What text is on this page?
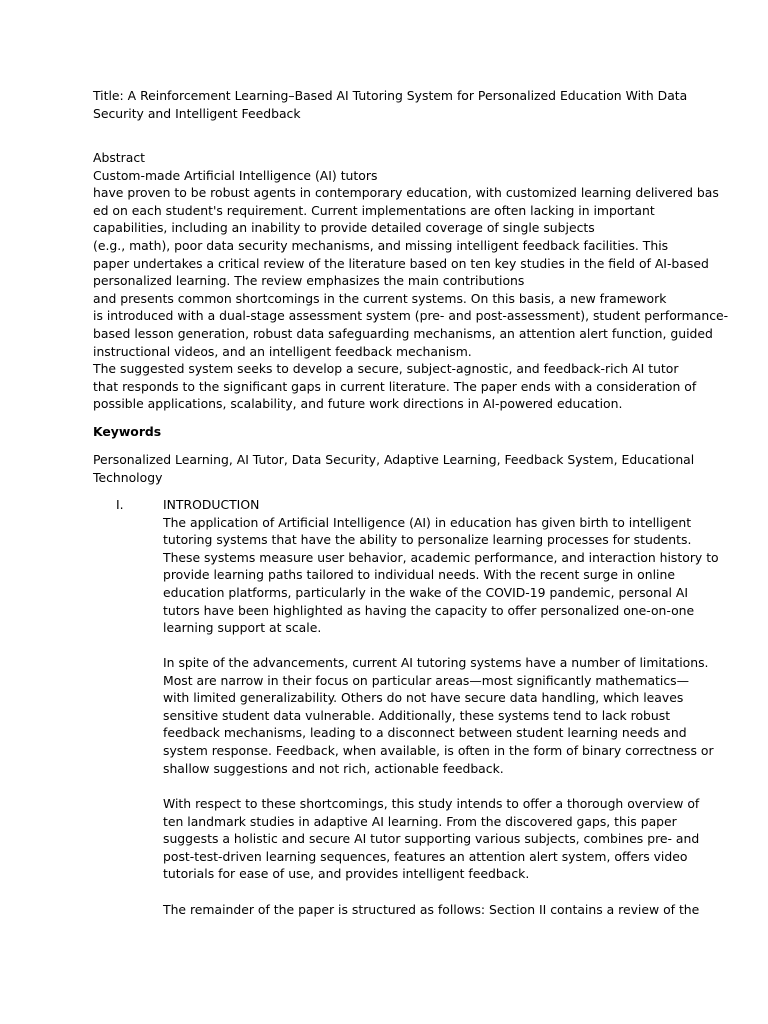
Title: A Reinforcement Learning–Based AI Tutoring System for Personalized Education With Data
Security and Intelligent Feedback
Abstract
Custom-made Artificial Intelligence (AI) tutors
have proven to be robust agents in contemporary education, with customized learning delivered bas
ed on each student's requirement. Current implementations are often lacking in important
capabilities, including an inability to provide detailed coverage of single subjects
(e.g., math), poor data security mechanisms, and missing intelligent feedback facilities. This
paper undertakes a critical review of the literature based on ten key studies in the field of AI-based
personalized learning. The review emphasizes the main contributions
and presents common shortcomings in the current systems. On this basis, a new framework
is introduced with a dual-stage assessment system (pre- and post-assessment), student performance-
based lesson generation, robust data safeguarding mechanisms, an attention alert function, guided
instructional videos, and an intelligent feedback mechanism.
The suggested system seeks to develop a secure, subject-agnostic, and feedback-rich AI tutor
that responds to the significant gaps in current literature. The paper ends with a consideration of
possible applications, scalability, and future work directions in AI-powered education.
Keywords
Personalized Learning, AI Tutor, Data Security, Adaptive Learning, Feedback System, Educational
Technology
I.	INTRODUCTION
The application of Artificial Intelligence (AI) in education has given birth to intelligent
tutoring systems that have the ability to personalize learning processes for students.
These systems measure user behavior, academic performance, and interaction history to
provide learning paths tailored to individual needs. With the recent surge in online
education platforms, particularly in the wake of the COVID-19 pandemic, personal AI
tutors have been highlighted as having the capacity to offer personalized one-on-one
learning support at scale.
In spite of the advancements, current AI tutoring systems have a number of limitations.
Most are narrow in their focus on particular areas—most significantly mathematics—
with limited generalizability. Others do not have secure data handling, which leaves
sensitive student data vulnerable. Additionally, these systems tend to lack robust
feedback mechanisms, leading to a disconnect between student learning needs and
system response. Feedback, when available, is often in the form of binary correctness or
shallow suggestions and not rich, actionable feedback.
With respect to these shortcomings, this study intends to offer a thorough overview of
ten landmark studies in adaptive AI learning. From the discovered gaps, this paper
suggests a holistic and secure AI tutor supporting various subjects, combines pre- and
post-test-driven learning sequences, features an attention alert system, offers video
tutorials for ease of use, and provides intelligent feedback.
The remainder of the paper is structured as follows: Section II contains a review of the
